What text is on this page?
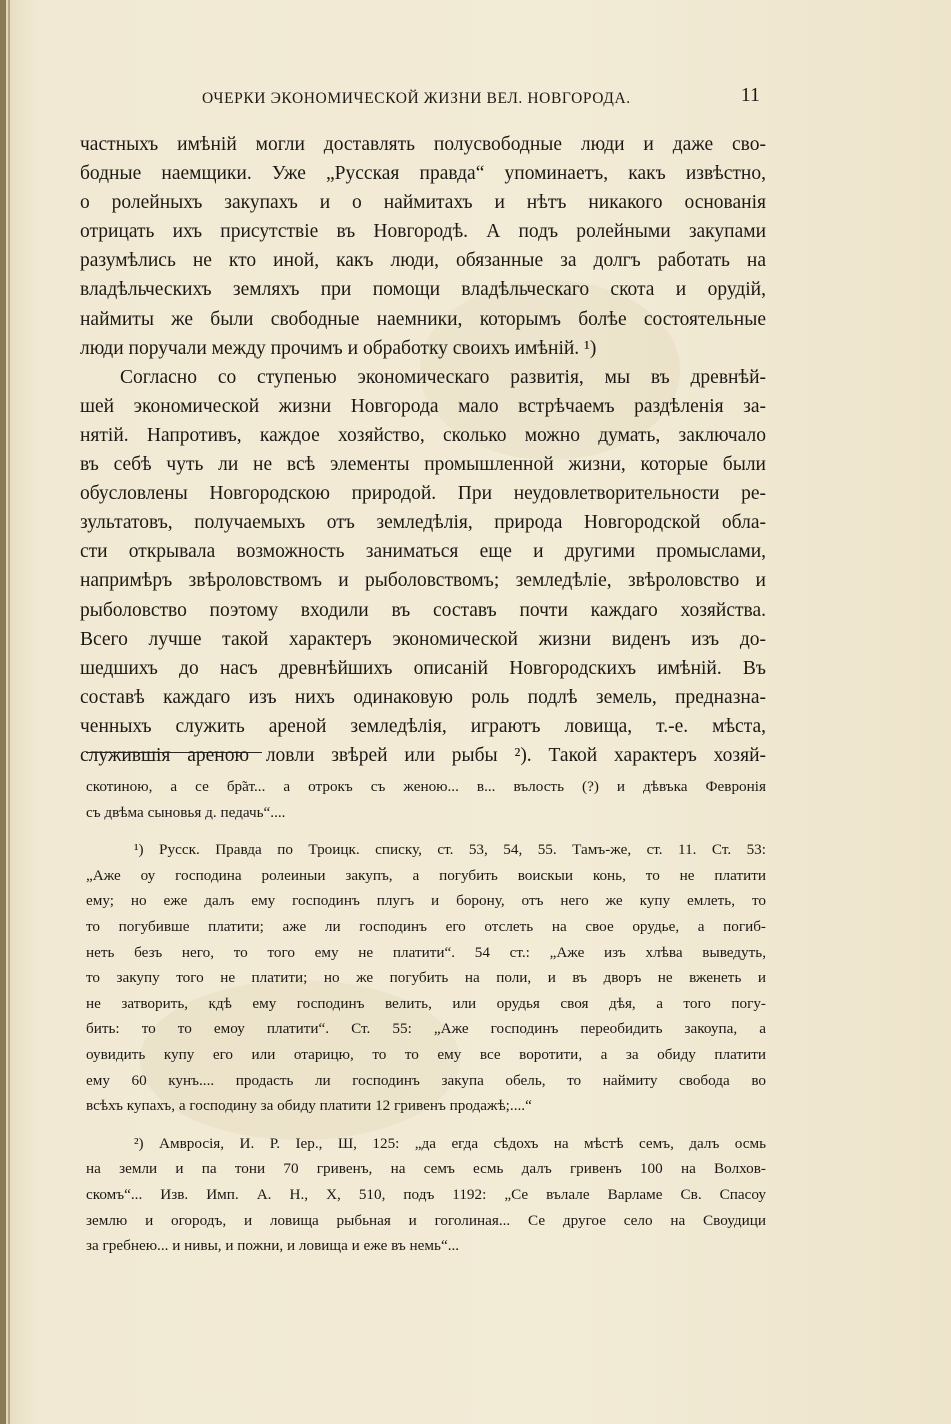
ОЧЕРКИ ЭКОНОМИЧЕСКОЙ ЖИЗНИ ВЕЛ. НОВГОРОДА.	11
частныхъ имѣній могли доставлять полусвободные люди и даже сво-
бодные наемщики. Уже „Русская правда“ упоминаетъ, какъ извѣстно,
о ролейныхъ закупахъ и о наймитахъ и нѣтъ никакого основанія
отрицать ихъ присутствіе въ Новгородѣ. А подъ ролейными закупами
разумѣлись не кто иной, какъ люди, обязанные за долгъ работать на
владѣльческихъ земляхъ при помощи владѣльческаго скота и орудій,
наймиты же были свободные наемники, которымъ болѣе состоятельные
люди поручали между прочимъ и обработку своихъ имѣній. ¹)
Согласно со ступенью экономическаго развитія, мы въ древнѣй-
шей экономической жизни Новгорода мало встрѣчаемъ раздѣленія за-
нятій. Напротивъ, каждое хозяйство, сколько можно думать, заключало
въ себѣ чуть ли не всѣ элементы промышленной жизни, которые были
обусловлены Новгородскою природой. При неудовлетворительности ре-
зультатовъ, получаемыхъ отъ земледѣлія, природа Новгородской обла-
сти открывала возможность заниматься еще и другими промыслами,
напримѣръ звѣроловствомъ и рыболовствомъ; земледѣліе, звѣроловство и
рыболовство поэтому входили въ составъ почти каждаго хозяйства.
Всего лучше такой характеръ экономической жизни виденъ изъ до-
шедшихъ до насъ древнѣйшихъ описаній Новгородскихъ имѣній. Въ
составѣ каждаго изъ нихъ одинаковую роль подлѣ земель, предназна-
ченныхъ служить ареной земледѣлія, играютъ ловища, т.-е. мѣста,
служившія ареною ловли звѣрей или рыбы ²). Такой характеръ хозяй-
скотиною, а се бр̃ат... а отрокъ съ женою... в... вълость (?) и дѣвъка Февронія
съ двѣма сыновья д. педачь“....
¹) Русск. Правда по Троицк. списку, ст. 53, 54, 55. Тамъ-же, ст. 11. Ст. 53:
„Аже оу господина ролеиныи закупъ, а погубить воискыи конь, то не платити
ему; но еже далъ ему господинъ плугъ и борону, отъ него же купу емлеть, то
то погубивше платити; аже ли господинъ его отслеть на свое орудье, а погиб-
неть безъ него, то того ему не платити“. 54 ст.: „Аже изъ хлѣва выведуть,
то закупу того не платити; но же погубить на поли, и въ дворъ не вженеть и
не затворить, кдѣ ему господинъ велить, или орудья своя дѣя, а того погу-
бить: то то емоу платити“. Ст. 55: „Аже господинъ переобидить закоупа, а
оувидить купу его или отарицю, то то ему все воротити, а за обиду платити
ему 60 кунъ.... продасть ли господинъ закупа обель, то наймиту свобода во
всѣхъ купахъ, а господину за обиду платити 12 гривенъ продажѣ;....“
²) Амвросія, И. Р. Іер., Ш, 125: „да егда сѣдохъ на мѣстѣ семъ, далъ осмь
на земли и па тони 70 гривенъ, на семъ есмь далъ гривенъ 100 на Волхов-
скомъ“... Изв. Имп. А. Н., X, 510, подъ 1192: „Се вълале Варламе Св. Спасоу
землю и огородъ, и ловища рыбьная и гоголиная... Се другое село на Своудици
за гребнею... и нивы, и пожни, и ловища и еже въ немь“...
